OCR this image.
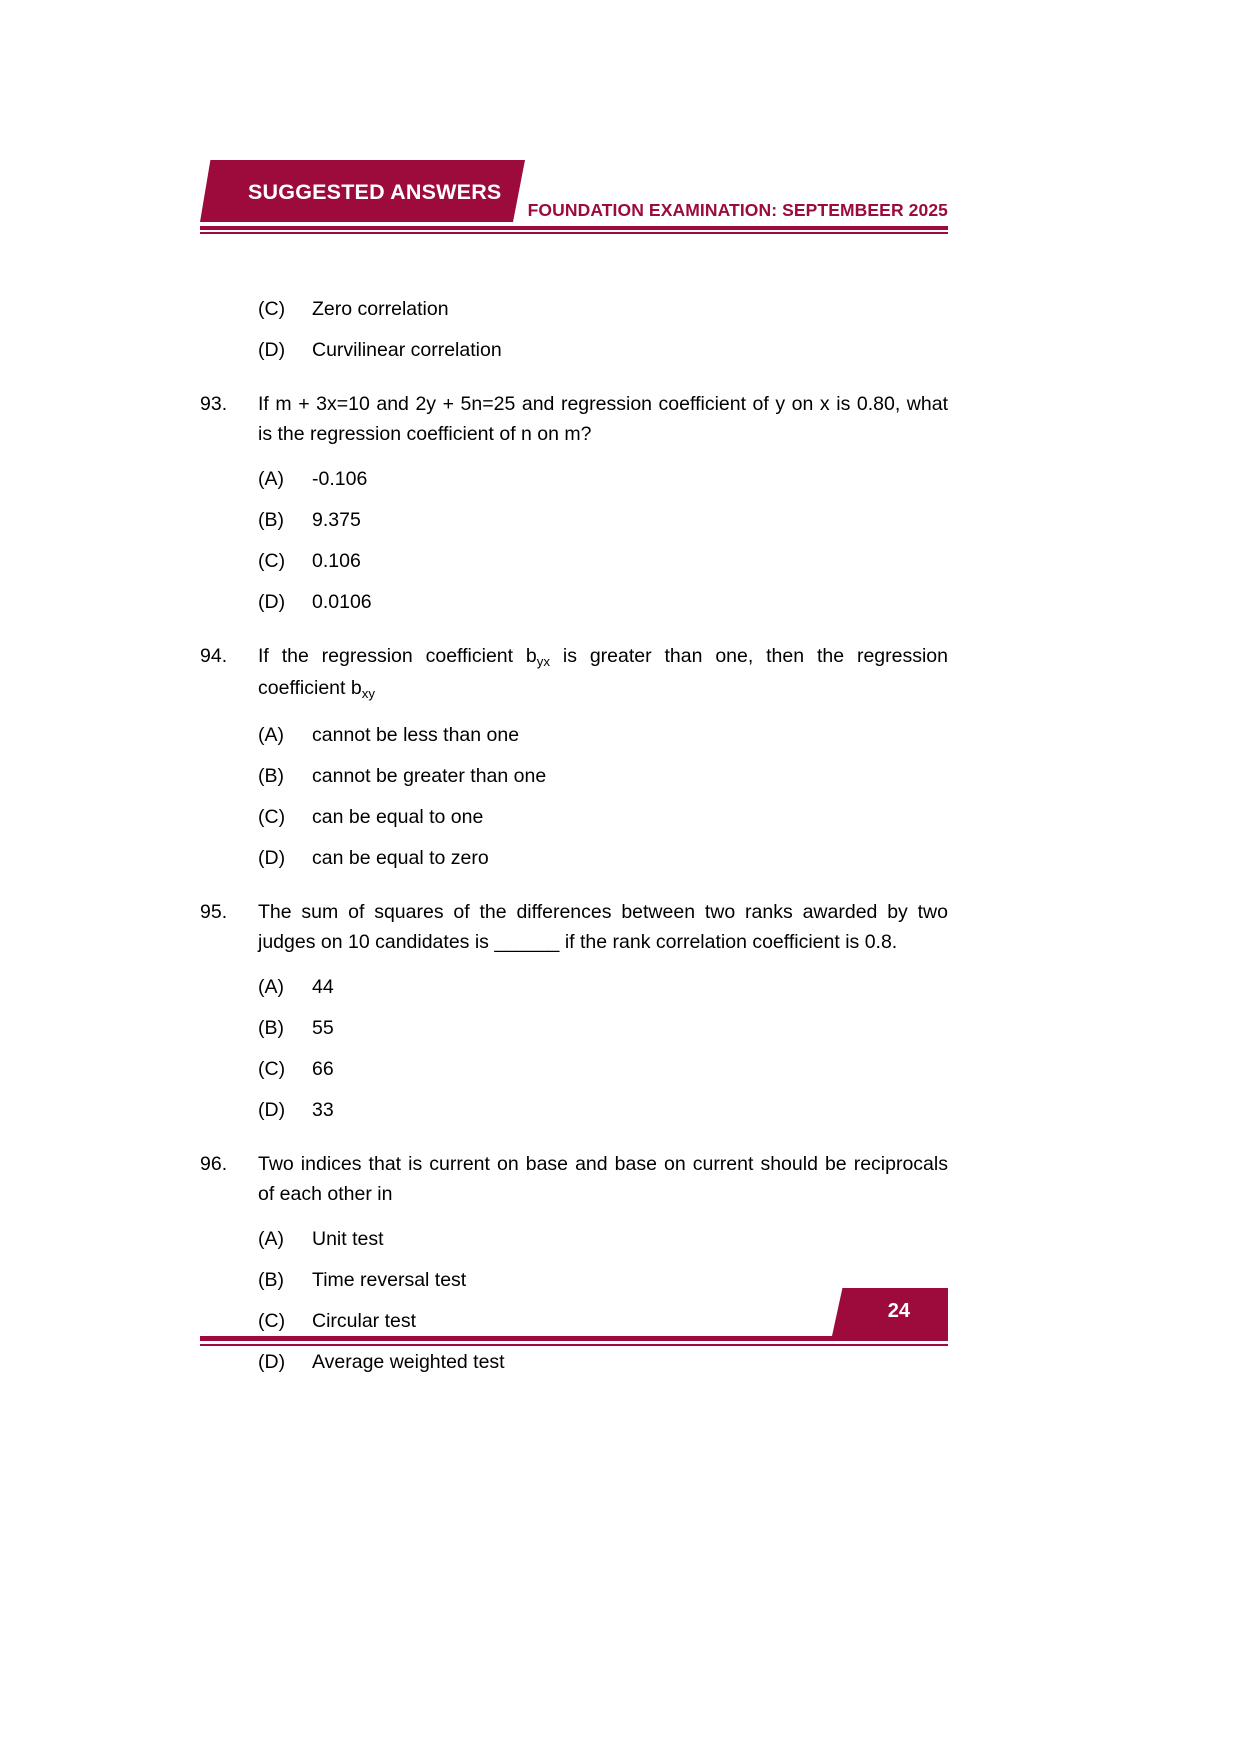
SUGGESTED ANSWERS
FOUNDATION EXAMINATION: SEPTEMBEER 2025
(C)	Zero correlation
(D)	Curvilinear correlation
93.	If m + 3x=10 and 2y + 5n=25 and regression coefficient of y on x is 0.80, what is the regression coefficient of n on m?
(A)	-0.106
(B)	9.375
(C)	0.106
(D)	0.0106
94.	If the regression coefficient $b_{yx}$ is greater than one, then the regression coefficient $b_{xy}$
(A)	cannot be less than one
(B)	cannot be greater than one
(C)	can be equal to one
(D)	can be equal to zero
95.	The sum of squares of the differences between two ranks awarded by two judges on 10 candidates is ______ if the rank correlation coefficient is 0.8.
(A)	44
(B)	55
(C)	66
(D)	33
96.	Two indices that is current on base and base on current should be reciprocals of each other in
(A)	Unit test
(B)	Time reversal test
(C)	Circular test
(D)	Average weighted test
24
